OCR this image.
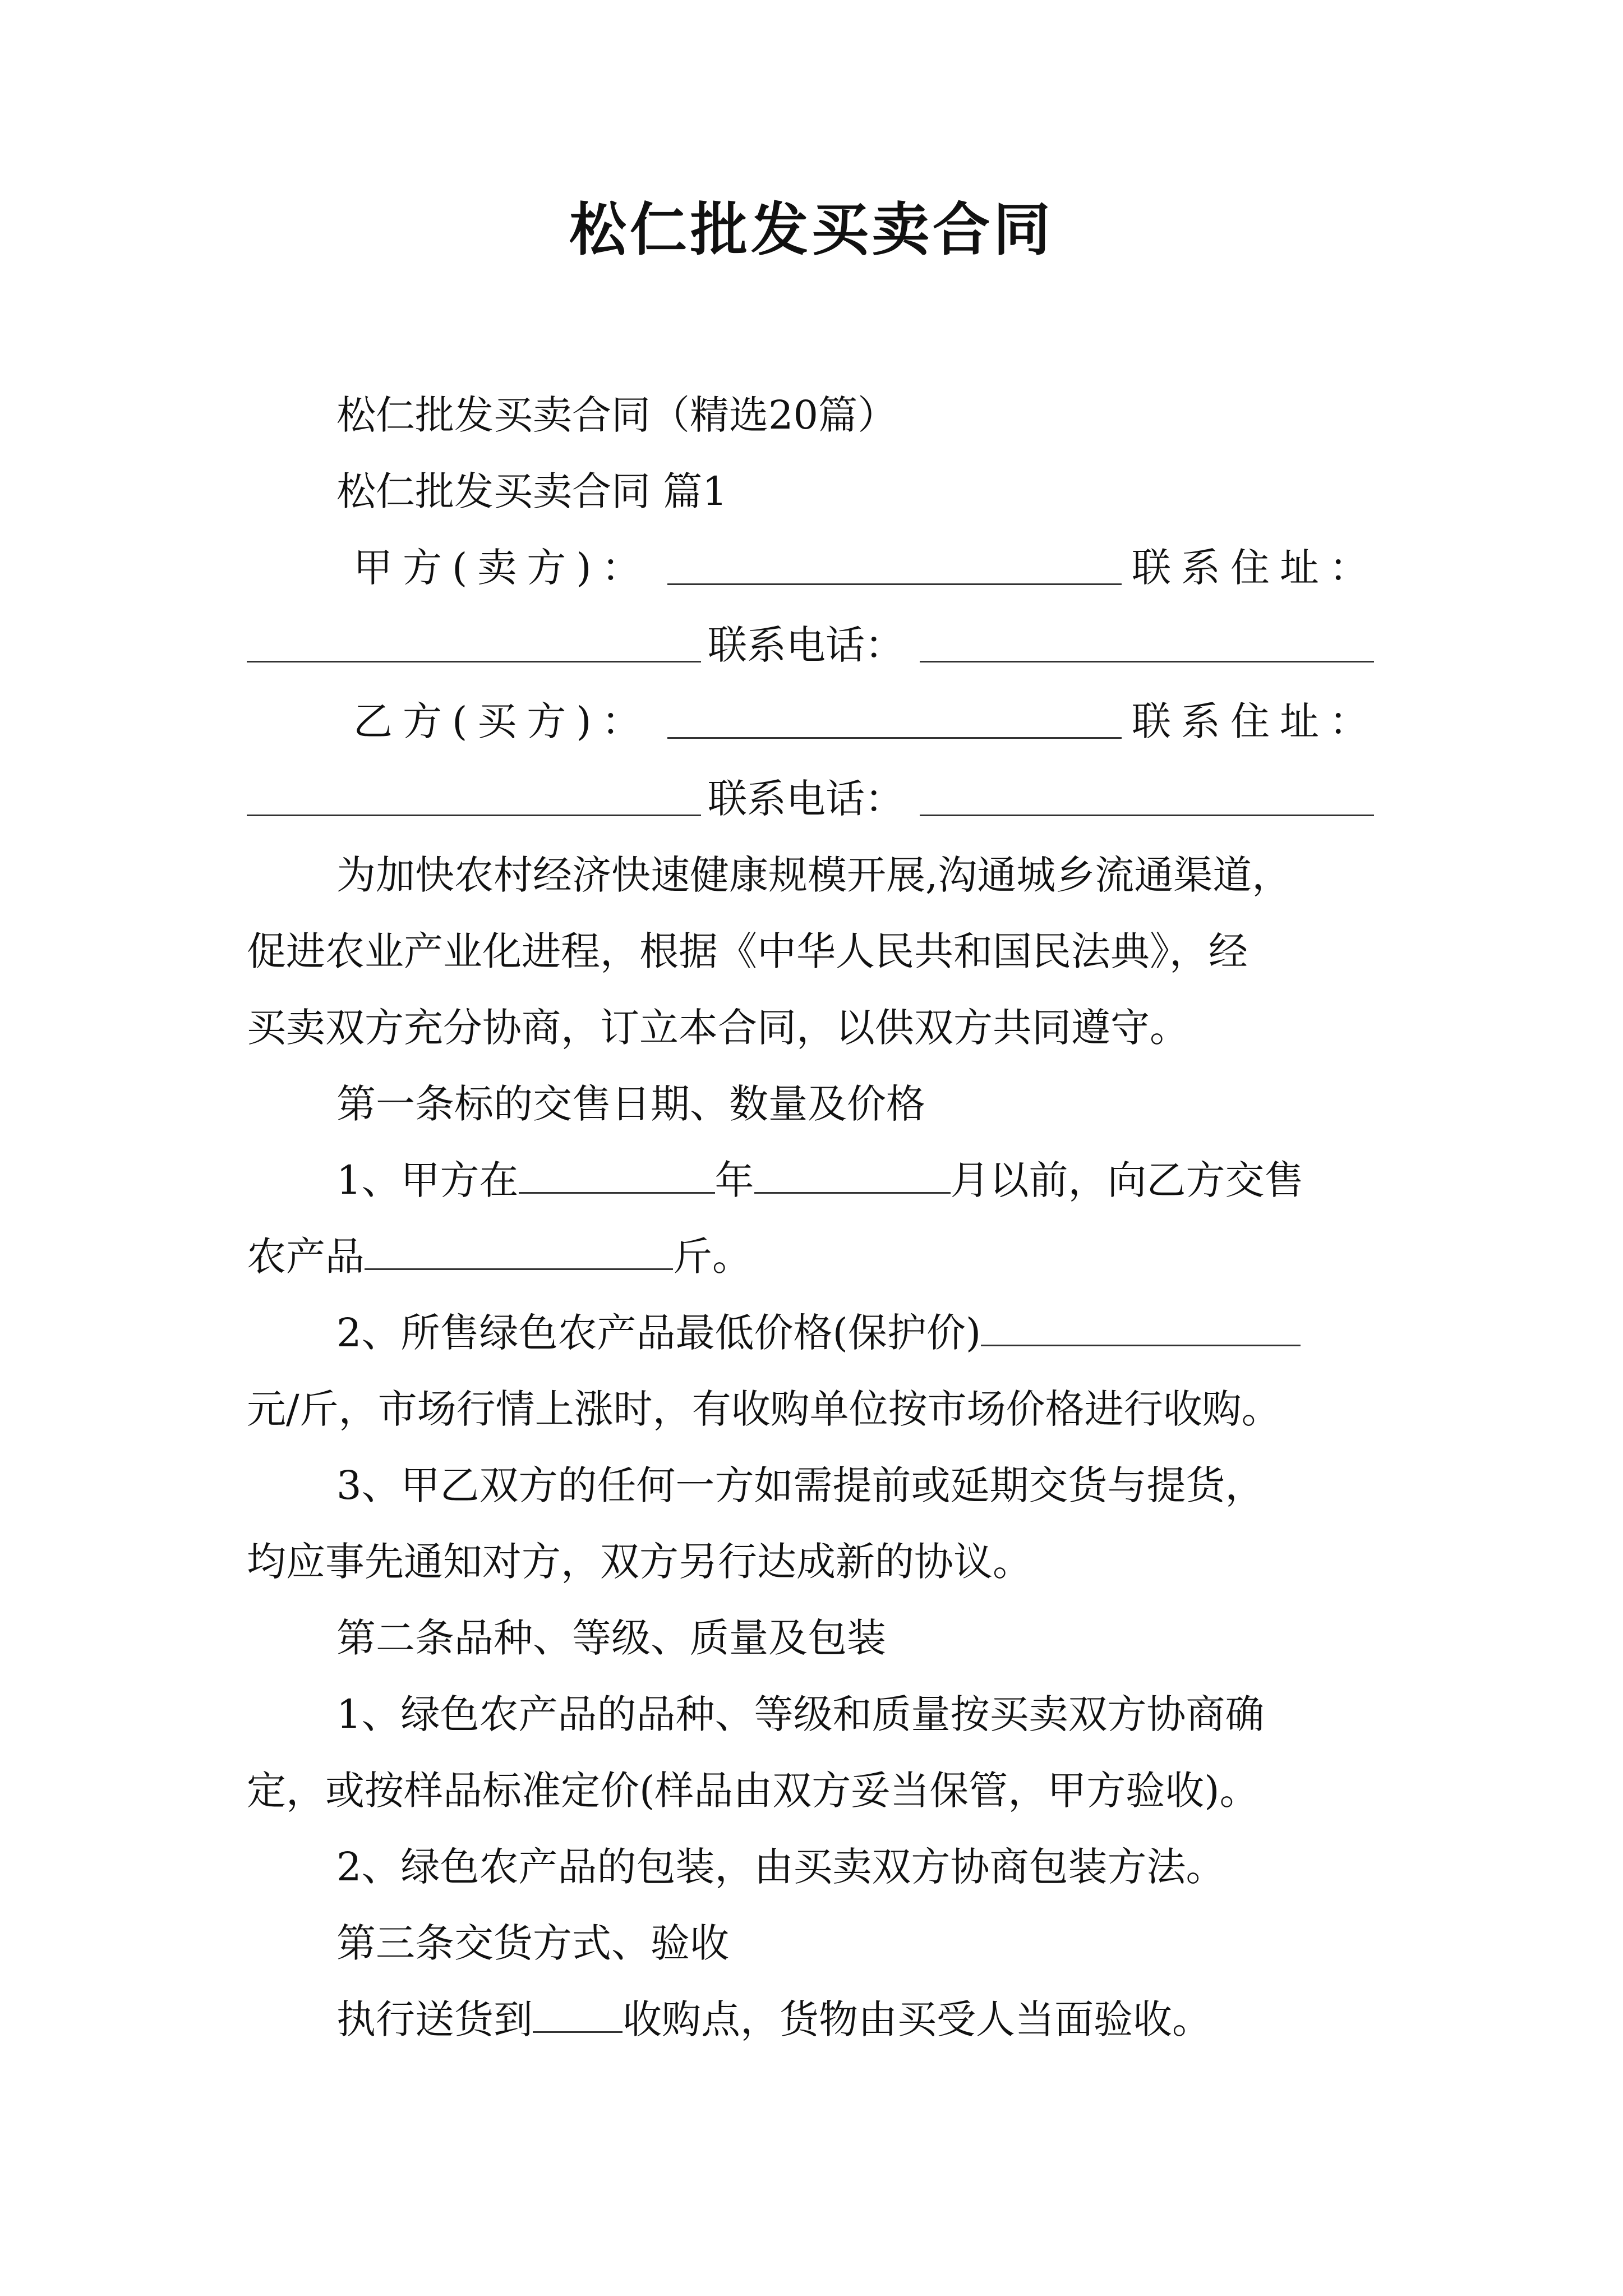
松仁批发买卖合同
松仁批发买卖合同（精选20篇）
松仁批发买卖合同 篇1
甲方(卖方)：	联系住址：
联系电话：
乙方(买方)：	联系住址：
联系电话：
为加快农村经济快速健康规模开展,沟通城乡流通渠道，
促进农业产业化进程，根据《中华人民共和国民法典》，经
买卖双方充分协商，订立本合同，以供双方共同遵守。
第一条标的交售日期、数量及价格
1、甲方在	年	月以前，向乙方交售
农产品	斤。
2、所售绿色农产品最低价格(保护价)
元/斤，市场行情上涨时，有收购单位按市场价格进行收购。
3、甲乙双方的任何一方如需提前或延期交货与提货，
均应事先通知对方，双方另行达成新的协议。
第二条品种、等级、质量及包装
1、绿色农产品的品种、等级和质量按买卖双方协商确
定，或按样品标准定价(样品由双方妥当保管，甲方验收)。
2、绿色农产品的包装，由买卖双方协商包装方法。
第三条交货方式、验收
执行送货到 收购点，货物由买受人当面验收。
